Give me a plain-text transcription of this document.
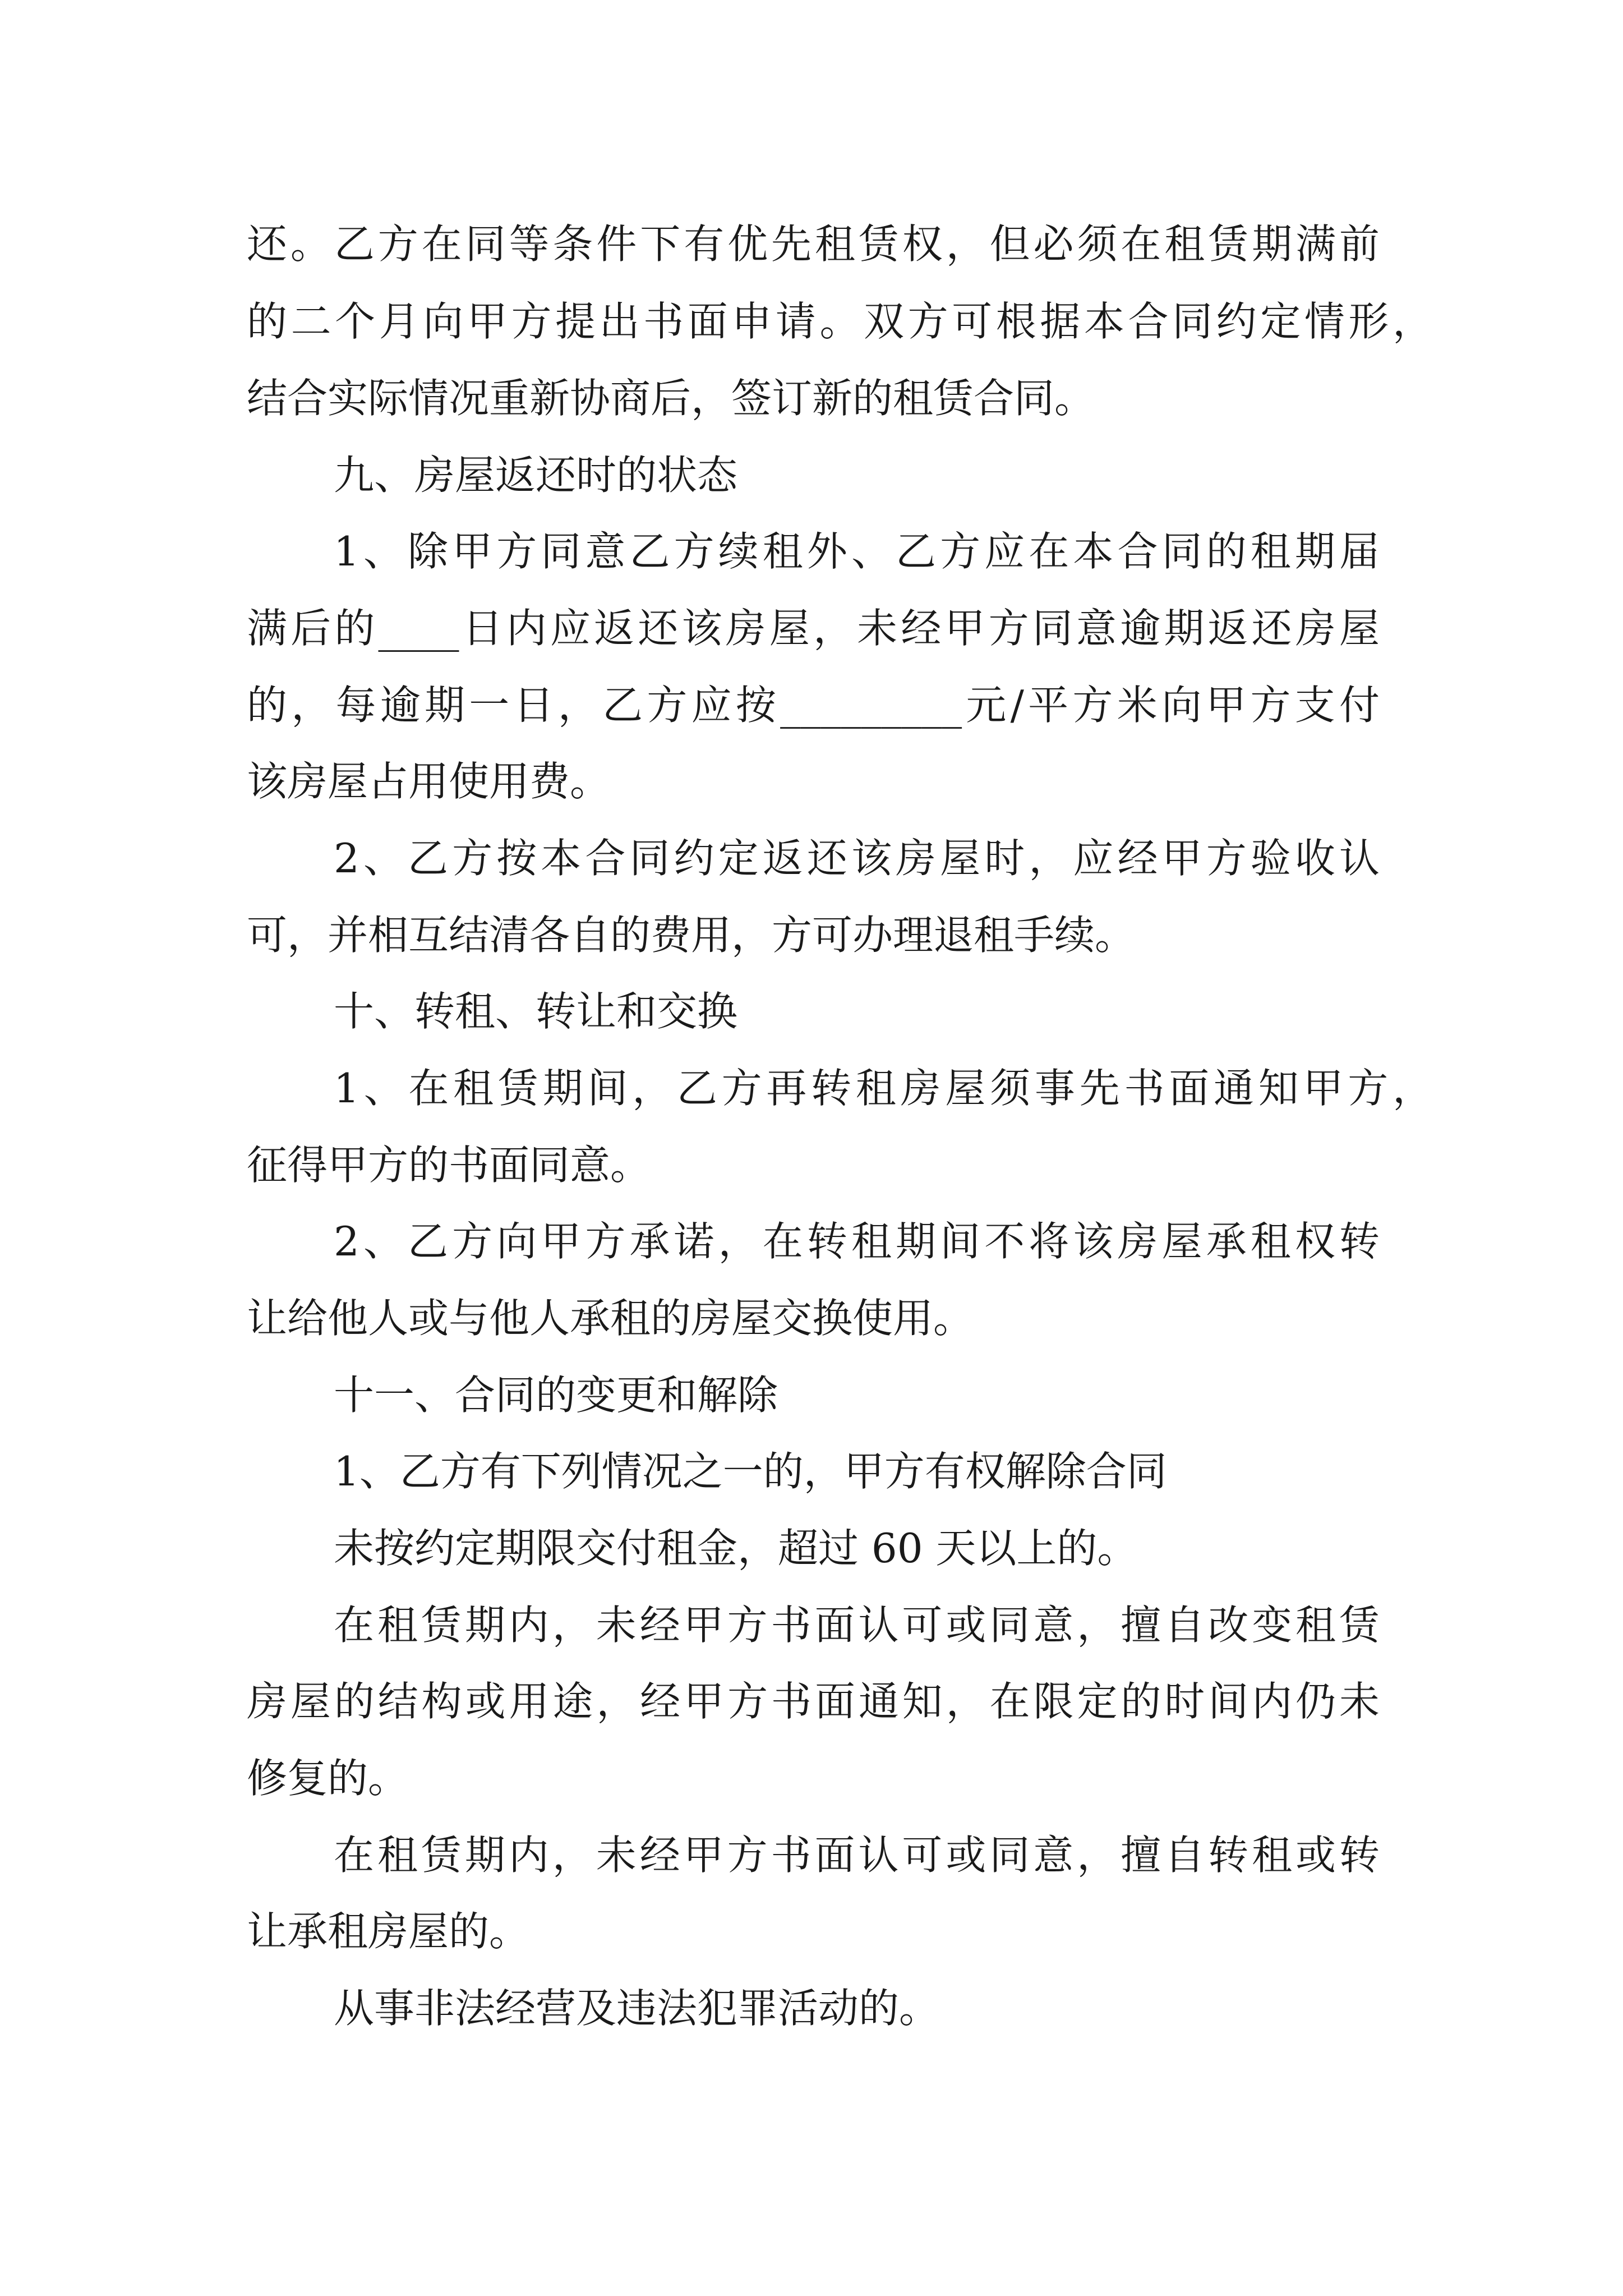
还。乙方在同等条件下有优先租赁权，但必须在租赁期满前
的二个月向甲方提出书面申请。双方可根据本合同约定情形，
结合实际情况重新协商后，签订新的租赁合同。
九、房屋返还时的状态
1、除甲方同意乙方续租外、乙方应在本合同的租期届
满后的____日内应返还该房屋，未经甲方同意逾期返还房屋
的，每逾期一日，乙方应按_________元/平方米向甲方支付
该房屋占用使用费。
2、乙方按本合同约定返还该房屋时，应经甲方验收认
可，并相互结清各自的费用，方可办理退租手续。
十、转租、转让和交换
1、在租赁期间，乙方再转租房屋须事先书面通知甲方，
征得甲方的书面同意。
2、乙方向甲方承诺，在转租期间不将该房屋承租权转
让给他人或与他人承租的房屋交换使用。
十一、合同的变更和解除
1、乙方有下列情况之一的，甲方有权解除合同
未按约定期限交付租金，超过 60 天以上的。
在租赁期内，未经甲方书面认可或同意，擅自改变租赁
房屋的结构或用途，经甲方书面通知，在限定的时间内仍未
修复的。
在租赁期内，未经甲方书面认可或同意，擅自转租或转
让承租房屋的。
从事非法经营及违法犯罪活动的。
